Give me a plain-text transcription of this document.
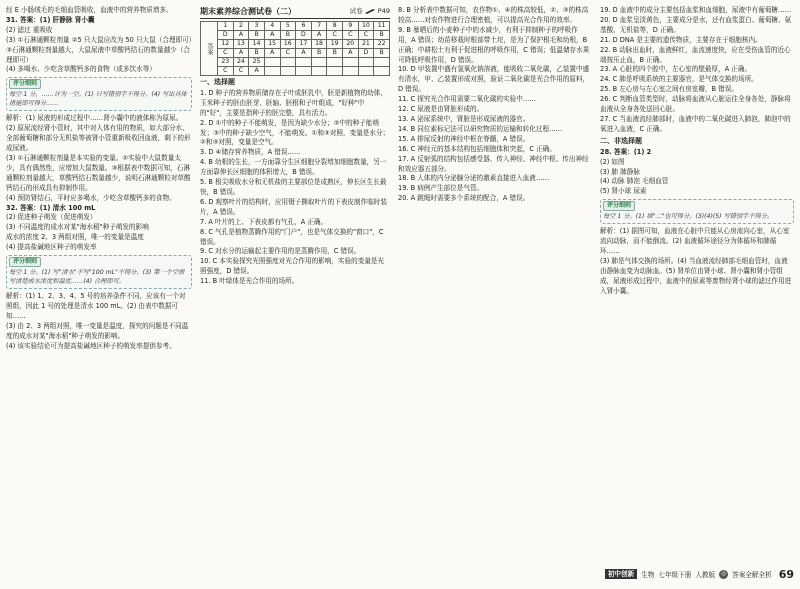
经 E 小肠绒毛的毛细血管吸收，血液中的营养物质增多。

31. 答案：(1) 肝静脉 肾小囊

(2) 滤过 重吸收

(3) ①石淋通颗粒剂量 ②5 只大鼠应改为 50 只大鼠（合理即可）③石淋通颗粒剂量越大，大鼠尿液中草酸钙结石的数量越少（合理即可）

(4) 多喝水、少吃含草酸钙多的食物（或多饮水等）

评分细则
每空 1 分，……计为一空。(1) 只写错别字不得分。(4) 写出具体措施即可得分……

解析：(1) 尿液的形成过程中……肾小囊中的液体称为原尿。

(2) 原尿流经肾小管时，其中对人体有用的物质，如大部分水、全部葡萄糖和部分无机盐等被肾小管重新吸收回血液，剩下的形成尿液。

(3) ①石淋通颗粒剂量是本实验的变量。②实验中大鼠数量太少，具有偶然性，应增加大鼠数量。③根据表中数据可知，石淋通颗粒剂量越大，草酸钙结石数量越少，说明石淋通颗粒对草酸钙结石的形成具有抑制作用。

(4) 预防肾结石，平时应多喝水，少吃含草酸钙多的食物。

32. 答案：(1) 清水 100 mL

(2) 促进种子萌发（促进萌发）

(3) 不同温度的成水对某"海水稻"种子萌发的影响

成水的浓度 2、3 两组对照，唯一的变量是温度

(4) 提高盐碱地区种子的萌发率

评分细则
每空 1 分。(1) 写"清水"不写"100 mL"不得分。(3) 第一个空需写清楚成水浓度和温度……(4) 合理即可。

解析：(1) 1、2、3、4、5 号的培养条件不同，应该有一个对照组，因此 1 号的处理是清水 100 mL。(2) 由表中数据可知……

(3) 由 2、3 两组对照，唯一变量是温度，探究的问题是不同温度的成水对某"海水稻"种子萌发的影响。

(4) 该实验结论可为提高盐碱地区种子的萌发率提供参考。

期末素养综合测试卷（二）	试卷 P49
答案	1	2	3	4	5	6	7	8	9	10	11
	D	A	B	A	B	D	A	C	C	C	B
	12	13	14	15	16	17	18	19	20	21	22
	C	A	B	A	C	A	B	B	A	D	B
	23	24	25								
	C	C	A								
一、选择题

1. D 种子的营养物质储存在子叶或胚乳中，胚是新植物的幼体，玉米种子的胚由胚芽、胚轴、胚根和子叶组成，"好种"中的"好"，主要是指种子的胚完整，具有活力。

2. D ①中的种子不能萌发，是因为缺少水分；②中的种子能萌发；③中的种子缺少空气，不能萌发。①和③对照，变量是水分；②和③对照，变量是空气。

3. D ④储存营养物质，A 错误……

4. B 幼根的生长，一方面靠分生区细胞分裂增加细胞数量，另一方面靠伸长区细胞的体积增大，B 错误。

5. B 根尖吸收水分和无机盐的主要部位是成熟区，伸长区生长最快，B 错误。

6. D 观察叶片的结构时，应用镊子撕取叶片的下表皮制作临时装片，A 错误。

7. A 叶片的上、下表皮都有气孔，A 正确。

8. C 气孔是植物蒸腾作用的"门户"，也是气体交换的"窗口"，C 错误。

9. C 对水分的运输起主要作用的是蒸腾作用，C 错误。

10. C 本实验探究光照强度对光合作用的影响，实验的变量是光照强度，D 错误。

11. B 叶绿体是光合作用的场所。

8. B 分析表中数据可知，农作物①、④的株高较低，②、③的株高较高……对农作物进行合理密植，可以提高光合作用的效率。

9. B 暴晒后的小麦种子中的水减少，有利于抑制种子的呼吸作用，A 错误；幼苗移栽时根部带土坨，是为了保护根毛和幼根，B 正确；中耕松土有利于促进根的呼吸作用，C 错误；低温储存水果可降低呼吸作用，D 错误。

10. D 甲装置中盛有氢氧化钠溶液，能吸收二氧化碳，乙装置中盛有清水，甲、乙装置形成对照，验证二氧化碳是光合作用的原料，D 错误。

11. C 探究光合作用需要二氧化碳的实验中……

12. C 尿液是由肾脏形成的。

13. A 泌尿系统中，肾脏是形成尿液的器官。

14. B 同位素标记法可以研究物质的运输和转化过程……

15. A 排尿反射的神经中枢在脊髓，A 错误。

16. C 神经元的基本结构包括细胞体和突起，C 正确。

17. A 反射弧的结构包括感受器、传入神经、神经中枢、传出神经和效应器五部分。

18. B 人体的内分泌腺分泌的激素直接进入血液……

19. B 病例产生部位是气管。

20. A 跳绳时需要多个系统的配合，A 错误。

19. D 血液中的成分主要包括血浆和血细胞，尿液中有葡萄糖……

20. D 血浆呈淡黄色，主要成分是水，还有血浆蛋白、葡萄糖、氨基酸、无机盐等，D 正确。

21. D DNA 是主要的遗传物质，主要存在于细胞核内。

22. B 动脉出血时，血液鲜红，血流速度快，应在受伤血管的近心端按压止血，B 正确。

23. A 心脏的四个腔中，左心室的壁最厚，A 正确。

24. C 肺是呼吸系统的主要器官，是气体交换的场所。

25. B 左心房与左心室之间有房室瓣，B 错误。

26. C 判断血管类型时，动脉将血液从心脏运往全身各处，静脉将血液从全身各处送回心脏。

27. C 当血液流经肺部时，血液中的二氧化碳进入肺泡，肺泡中的氧进入血液，C 正确。

二、非选择题

28. 答案：(1) 2

(2) 如图

(3) 肺 肺静脉

(4) 动脉 肺泡 毛细血管

(5) 肾小球 尿素

评分细则
每空 1 分。(1) 填"二"也可得分。(3)(4)(5) 写错别字不得分。

解析：(1) 据图可知，血液在心脏中只能从心房流向心室，从心室流向动脉，而不能倒流。(2) 血液循环途径分为体循环和肺循环……

(3) 肺是气体交换的场所。(4) 当血液流经肺部毛细血管时，血液由静脉血变为动脉血。(5) 肾单位由肾小球、肾小囊和肾小管组成，尿液形成过程中，血液中的尿素等废物经肾小球的滤过作用进入肾小囊。

初中创新	生物 七年级下册 人教版	◎ 答案全解全析 69
